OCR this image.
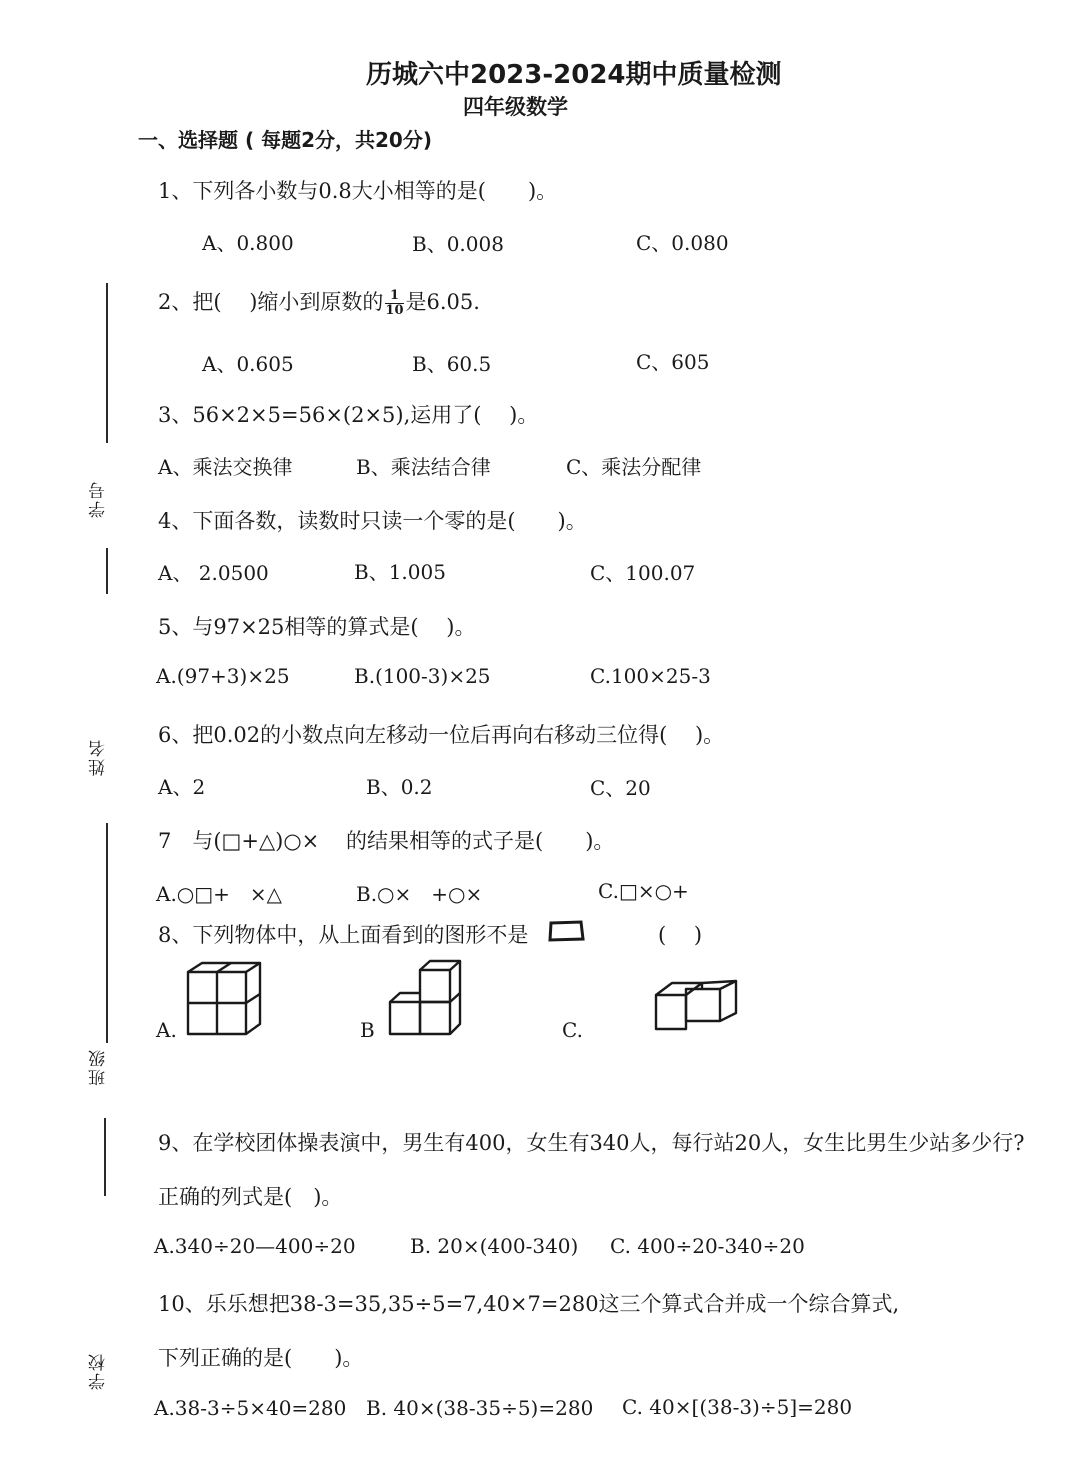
历城六中2023-2024期中质量检测
四年级数学
一、选择题 ( 每题2分，共20分)
学号
姓名
班级
学校
1、下列各小数与0.8大小相等的是(　　)。
A、0.800	B、0.008	C、0.080
2、把(　 )缩小到原数的 $\frac{1}{10}$ 是6.05.
A、0.605	B、60.5	C、605
3、56×2×5=56×(2×5),运用了(　 )。
A、乘法交换律	B、乘法结合律	C、乘法分配律
4、下面各数，读数时只读一个零的是(　　)。
A、 2.0500	B、1.005	C、100.07
5、与97×25相等的算式是(　 )。
A.(97+3)×25	B.(100-3)×25	C.100×25-3
6、把0.02的小数点向左移动一位后再向右移动三位得(　 )。
A、2	B、0.2	C、20
7　与(□+△)○× 的结果相等的式子是(　　)。
A.○□+　×△	B.○×　+○×	C.□×○+
8、下列物体中，从上面看到的图形不是	(　 )
A.	B	C.
9、在学校团体操表演中，男生有400，女生有340人，每行站20人，女生比男生少站多少行?
正确的列式是(　)。
A.340÷20—400÷20	B. 20×(400-340) C. 400÷20-340÷20
10、乐乐想把38-3=35,35÷5=7,40×7=280这三个算式合并成一个综合算式,
下列正确的是(　　)。
A.38-3÷5×40=280 B. 40×(38-35÷5)=280 C. 40×[(38-3)÷5]=280
